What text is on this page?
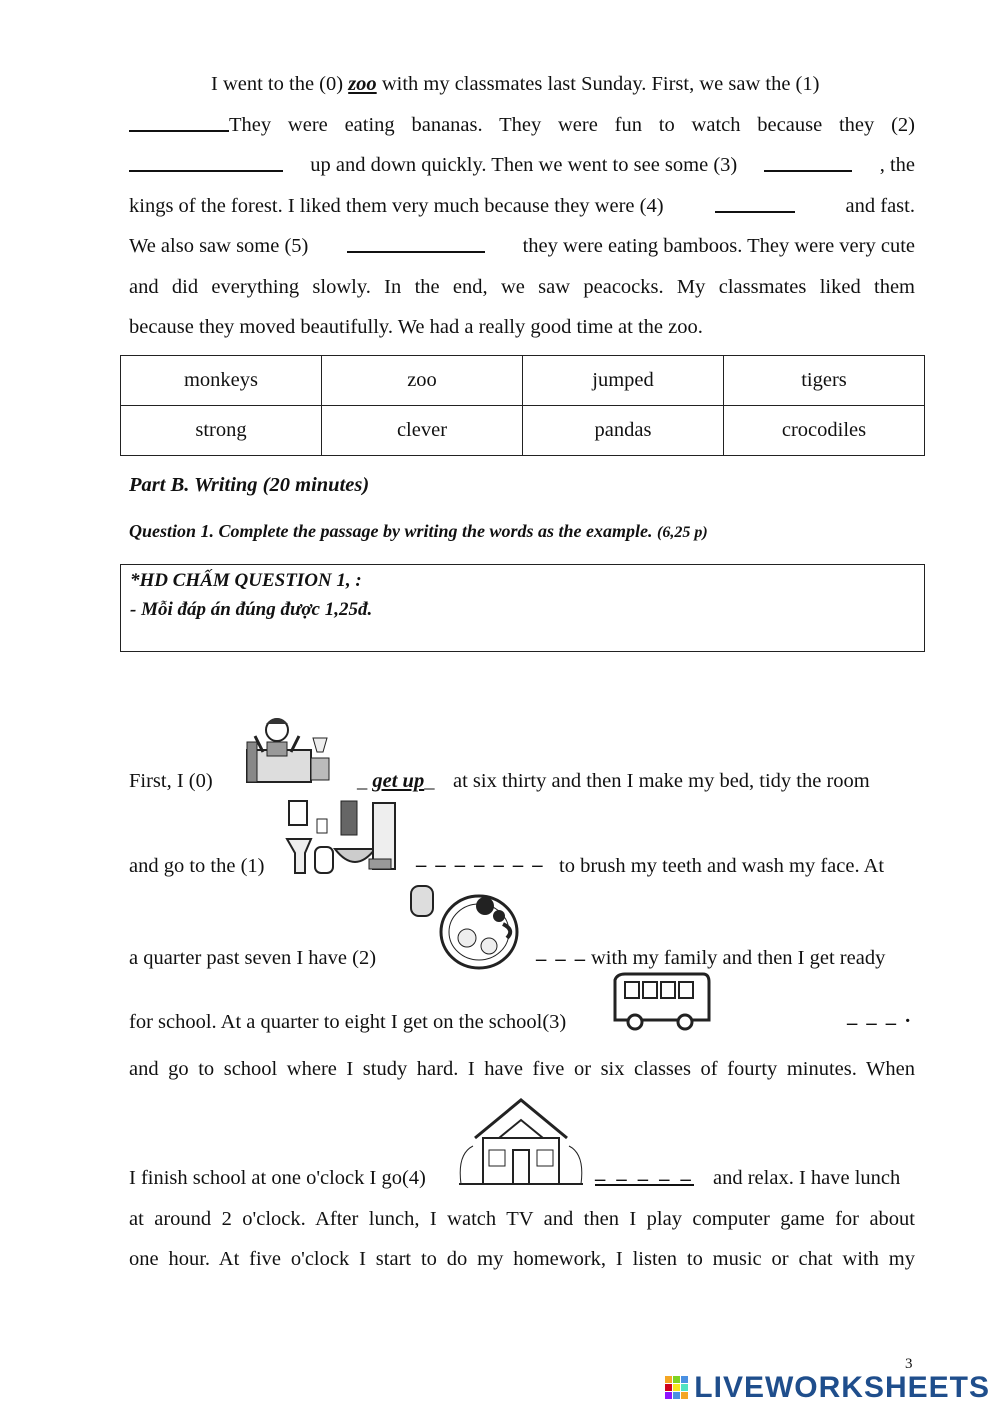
I went to the (0) zoo with my classmates last Sunday. First, we saw the (1)
They were eating bananas. They were fun to watch because they (2)
up and down quickly. Then we went to see some (3)	, the
kings of the forest. I liked them very much because they were (4)	and fast.
We also saw some (5)	they were eating bamboos. They were very cute
and did everything slowly. In the end, we saw peacocks. My classmates liked them
because they moved beautifully. We had a really good time at the zoo.
monkeys	zoo	jumped	tigers
strong	clever	pandas	crocodiles
Part B. Writing (20 minutes)
Question 1. Complete the passage by writing the words as the example. (6,25 p)
*HD CHẤM QUESTION 1, :
- Mỗi đáp án đúng được 1,25đ.
First, I (0)	_ get up_ at six thirty and then I make my bed, tidy the room
and go to the (1)	_ _ _ _ _ _ _ to brush my teeth and wash my face. At
a quarter past seven I have (2)	_ _ _ with my family and then I get ready
for school. At a quarter to eight I get on the school(3)	_ _ _ .
and go to school where I study hard. I have five or six classes of fourty minutes. When
I finish school at one o'clock I go(4)	_ _ _ _ _ and relax. I have lunch
at around 2 o'clock. After lunch, I watch TV and then I play computer game for about
one hour. At five o'clock I start to do my homework, I listen to music or chat with my
3
LIVEWORKSHEETS
